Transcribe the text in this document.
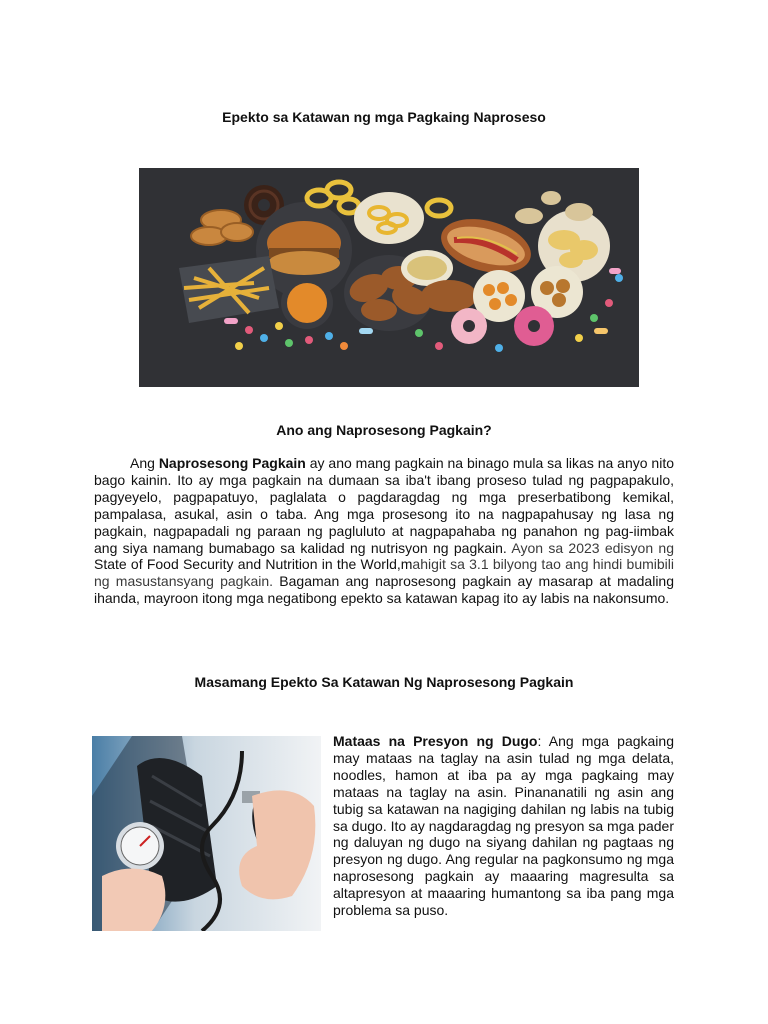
Epekto sa Katawan ng mga Pagkaing Naproseso
Ano ang Naprosesong Pagkain?
Ang Naprosesong Pagkain ay ano mang pagkain na binago mula sa likas na anyo nito bago kainin. Ito ay mga pagkain na dumaan sa iba't ibang proseso tulad ng pagpapakulo, pagyeyelo, pagpapatuyo, paglalata o pagdaragdag ng mga preserbatibong kemikal, pampalasa, asukal, asin o taba. Ang mga prosesong ito na nagpapahusay ng lasa ng pagkain, nagpapadali ng paraan ng pagluluto at nagpapahaba ng panahon ng pag-iimbak ang siya namang bumabago sa kalidad ng nutrisyon ng pagkain. Ayon sa 2023 edisyon ng State of Food Security and Nutrition in the World,mahigit sa 3.1 bilyong tao ang hindi bumibili ng masustansyang pagkain. Bagaman ang naprosesong pagkain ay masarap at madaling ihanda, mayroon itong mga negatibong epekto sa katawan kapag ito ay labis na nakonsumo.
Masamang Epekto Sa Katawan Ng Naprosesong Pagkain
Mataas na Presyon ng Dugo: Ang mga pagkaing may mataas na taglay na asin tulad ng mga delata, noodles, hamon at iba pa ay mga pagkaing may mataas na taglay na asin. Pinananatili ng asin ang tubig sa katawan na nagiging dahilan ng labis na tubig sa dugo. Ito ay nagdaragdag ng presyon sa mga pader ng daluyan ng dugo na siyang dahilan ng pagtaas ng presyon ng dugo. Ang regular na pagkonsumo ng mga naprosesong pagkain ay maaaring magresulta sa altapresyon at maaaring humantong sa iba pang mga problema sa puso.
